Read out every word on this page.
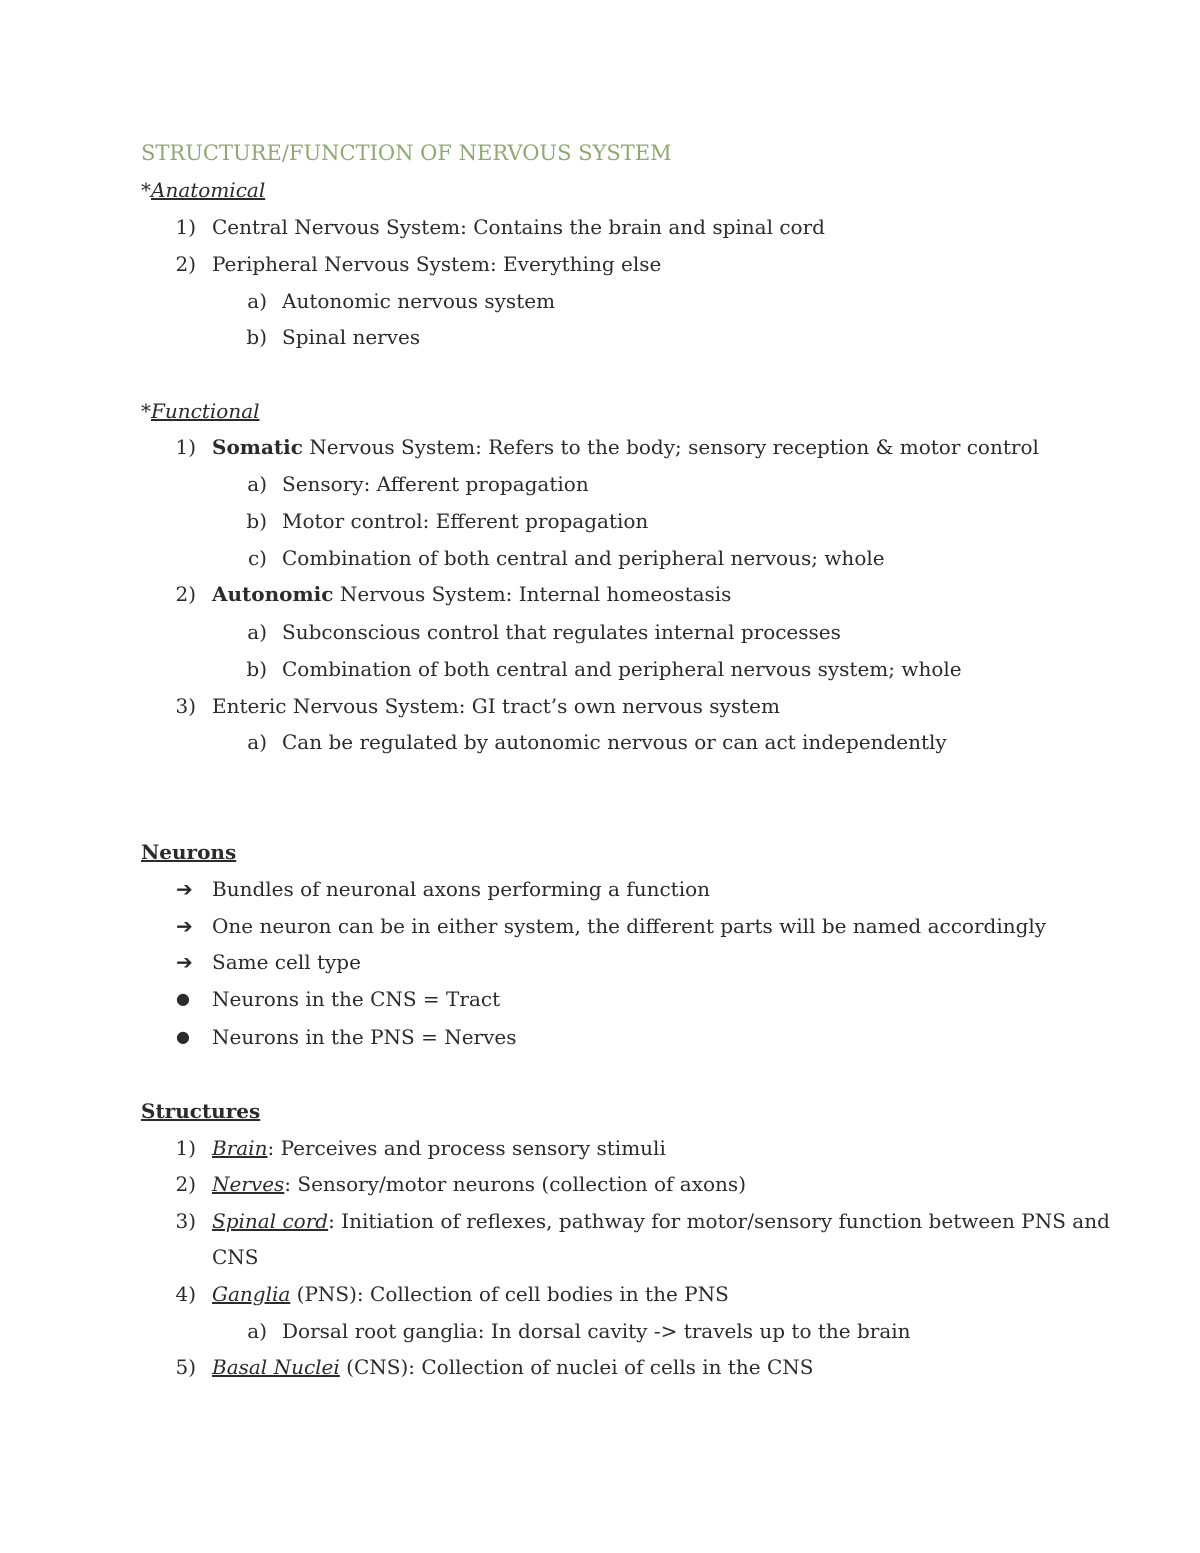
STRUCTURE/FUNCTION OF NERVOUS SYSTEM
*Anatomical
1) Central Nervous System: Contains the brain and spinal cord
2) Peripheral Nervous System: Everything else
a) Autonomic nervous system
b) Spinal nerves
*Functional
1) Somatic Nervous System: Refers to the body; sensory reception & motor control
a) Sensory: Afferent propagation
b) Motor control: Efferent propagation
c) Combination of both central and peripheral nervous; whole
2) Autonomic Nervous System: Internal homeostasis
a) Subconscious control that regulates internal processes
b) Combination of both central and peripheral nervous system; whole
3) Enteric Nervous System: GI tract’s own nervous system
a) Can be regulated by autonomic nervous or can act independently
Neurons
➔ Bundles of neuronal axons performing a function
➔ One neuron can be in either system, the different parts will be named accordingly
➔ Same cell type
● Neurons in the CNS = Tract
● Neurons in the PNS = Nerves
Structures
1) Brain: Perceives and process sensory stimuli
2) Nerves: Sensory/motor neurons (collection of axons)
3) Spinal cord: Initiation of reflexes, pathway for motor/sensory function between PNS and
CNS
4) Ganglia (PNS): Collection of cell bodies in the PNS
a) Dorsal root ganglia: In dorsal cavity -> travels up to the brain
5) Basal Nuclei (CNS): Collection of nuclei of cells in the CNS
